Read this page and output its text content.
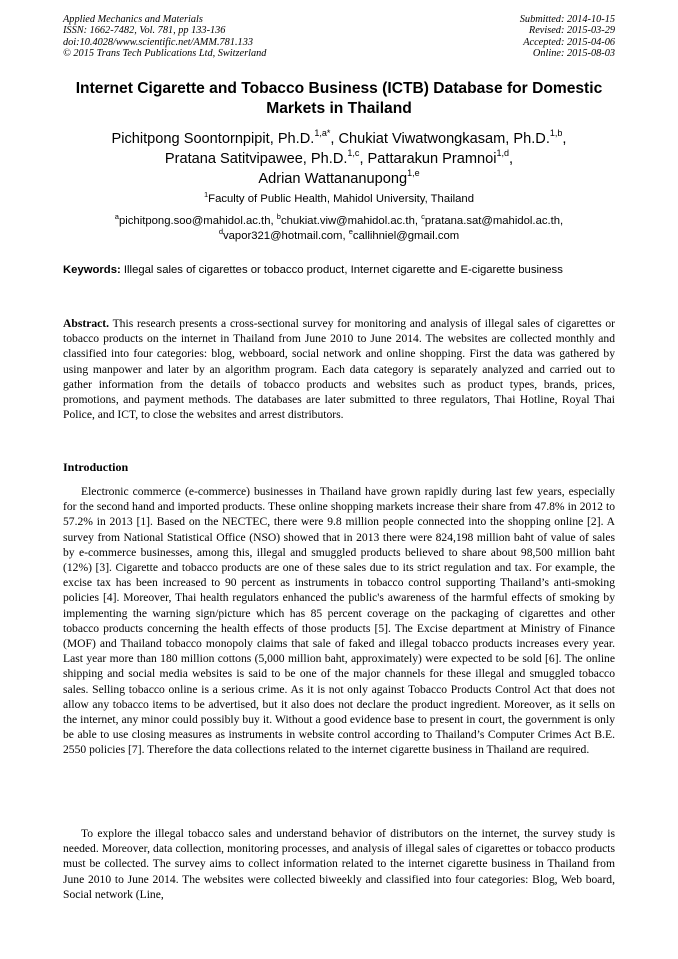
Applied Mechanics and Materials
ISSN: 1662-7482, Vol. 781, pp 133-136
doi:10.4028/www.scientific.net/AMM.781.133
© 2015 Trans Tech Publications Ltd, Switzerland
Submitted: 2014-10-15
Revised: 2015-03-29
Accepted: 2015-04-06
Online: 2015-08-03
Internet Cigarette and Tobacco Business (ICTB) Database for Domestic Markets in Thailand
Pichitpong Soontornpipit, Ph.D.$^{1,a*}$, Chukiat Viwatwongkasam, Ph.D.$^{1,b}$,
Pratana Satitvipawee, Ph.D.$^{1,c}$, Pattarakun Pramnoi$^{1,d}$,
Adrian Wattananupong$^{1,e}$
$^1$Faculty of Public Health, Mahidol University, Thailand
$^a$pichitpong.soo@mahidol.ac.th, $^b$chukiat.viw@mahidol.ac.th, $^c$pratana.sat@mahidol.ac.th,
$^d$vapor321@hotmail.com, $^e$callihniel@gmail.com
Keywords: Illegal sales of cigarettes or tobacco product, Internet cigarette and E-cigarette business

Abstract. This research presents a cross-sectional survey for monitoring and analysis of illegal sales of cigarettes or tobacco products on the internet in Thailand from June 2010 to June 2014. The websites are collected monthly and classified into four categories: blog, webboard, social network and online shopping. First the data was gathered by using manpower and later by an algorithm program. Each data category is separately analyzed and carried out to gather information from the details of tobacco products and websites such as product types, brands, prices, promotions, and payment methods. The databases are later submitted to three regulators, Thai Hotline, Royal Thai Police, and ICT, to close the websites and arrest distributors.

Introduction

Electronic commerce (e-commerce) businesses in Thailand have grown rapidly during last few years, especially for the second hand and imported products. These online shopping markets increase their share from 47.8% in 2012 to 57.2% in 2013 [1]. Based on the NECTEC, there were 9.8 million people connected into the shopping online [2]. A survey from National Statistical Office (NSO) showed that in 2013 there were 824,198 million baht of value of sales by e-commerce businesses, among this, illegal and smuggled products believed to share about 98,500 million baht (12%) [3]. Cigarette and tobacco products are one of these sales due to its strict regulation and tax. For example, the excise tax has been increased to 90 percent as instruments in tobacco control supporting Thailand’s anti-smoking policies [4]. Moreover, Thai health regulators enhanced the public's awareness of the harmful effects of smoking by implementing the warning sign/picture which has 85 percent coverage on the packaging of cigarettes and other tobacco products concerning the health effects of those products [5]. The Excise department at Ministry of Finance (MOF) and Thailand tobacco monopoly claims that sale of faked and illegal tobacco products increases every year. Last year more than 180 million cottons (5,000 million baht, approximately) were expected to be sold [6]. The online shipping and social media websites is said to be one of the major channels for these illegal and smuggled tobacco sales. Selling tobacco online is a serious crime. As it is not only against Tobacco Products Control Act that does not allow any tobacco items to be advertised, but it also does not declare the product ingredient. Moreover, as it sells on the internet, any minor could possibly buy it. Without a good evidence base to present in court, the government is only be able to use closing measures as instruments in website control according to Thailand’s Computer Crimes Act B.E. 2550 policies [7]. Therefore the data collections related to the internet cigarette business in Thailand are required.

To explore the illegal tobacco sales and understand behavior of distributors on the internet, the survey study is needed. Moreover, data collection, monitoring processes, and analysis of illegal sales of cigarettes or tobacco products must be collected. The survey aims to collect information related to the internet cigarette business in Thailand from June 2010 to June 2014. The websites were collected biweekly and classified into four categories: Blog, Web board, Social network (Line,
